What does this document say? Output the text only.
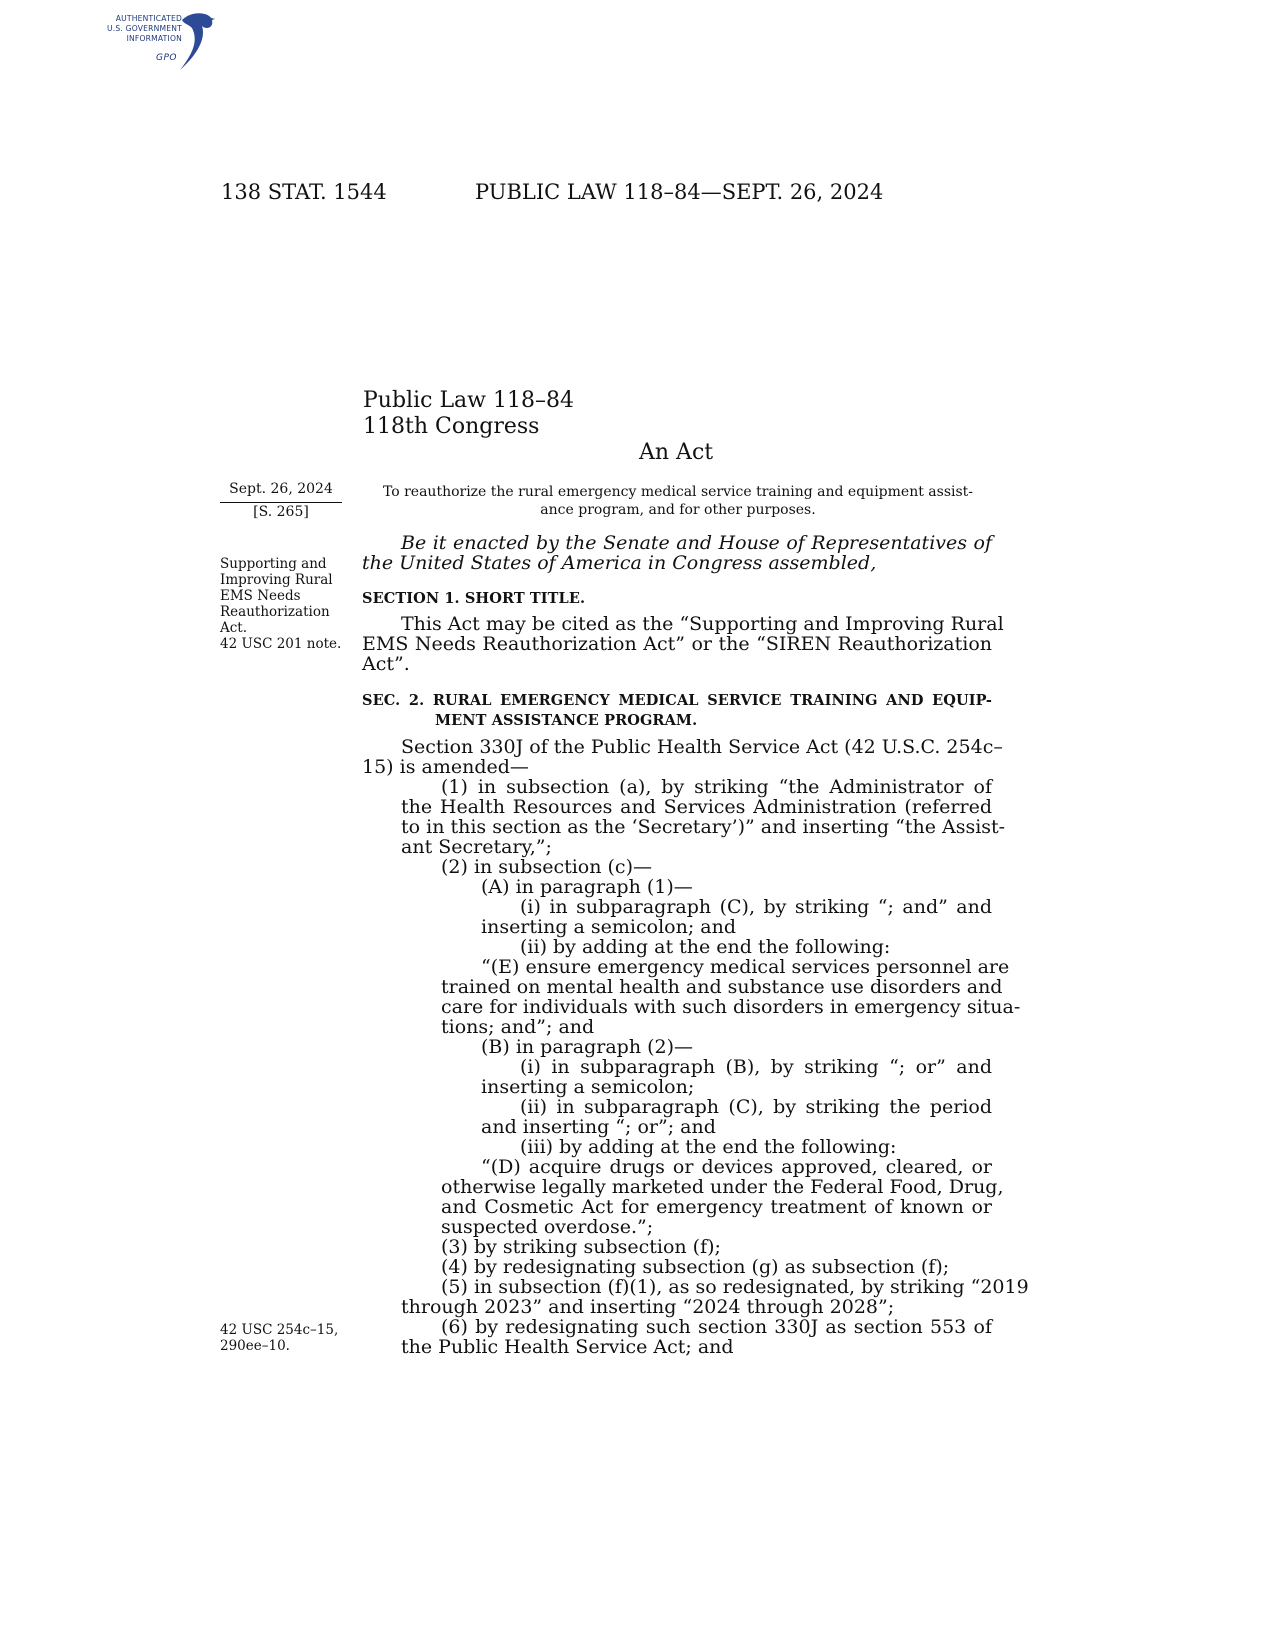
AUTHENTICATED
U.S. GOVERNMENT
INFORMATION
GPO
138 STAT. 1544	PUBLIC LAW 118–84—SEPT. 26, 2024
Public Law 118–84
118th Congress
An Act
Sept. 26, 2024
[S. 265]
Supporting and
Improving Rural
EMS Needs
Reauthorization
Act.
42 USC 201 note.
42 USC 254c–15,
290ee–10.
To reauthorize the rural emergency medical service training and equipment assist-
ance program, and for other purposes.
Be it enacted by the Senate and House of Representatives of
the United States of America in Congress assembled,
SECTION 1. SHORT TITLE.
This Act may be cited as the “Supporting and Improving Rural
EMS Needs Reauthorization Act” or the “SIREN Reauthorization
Act”.
SEC. 2. RURAL EMERGENCY MEDICAL SERVICE TRAINING AND EQUIP-
MENT ASSISTANCE PROGRAM.
Section 330J of the Public Health Service Act (42 U.S.C. 254c–
15) is amended—
(1) in subsection (a), by striking “the Administrator of
the Health Resources and Services Administration (referred
to in this section as the ‘Secretary’)” and inserting “the Assist-
ant Secretary,”;
(2) in subsection (c)—
(A) in paragraph (1)—
(i) in subparagraph (C), by striking “; and” and
inserting a semicolon; and
(ii) by adding at the end the following:
“(E) ensure emergency medical services personnel are
trained on mental health and substance use disorders and
care for individuals with such disorders in emergency situa-
tions; and”; and
(B) in paragraph (2)—
(i) in subparagraph (B), by striking “; or” and
inserting a semicolon;
(ii) in subparagraph (C), by striking the period
and inserting “; or”; and
(iii) by adding at the end the following:
“(D) acquire drugs or devices approved, cleared, or
otherwise legally marketed under the Federal Food, Drug,
and Cosmetic Act for emergency treatment of known or
suspected overdose.”;
(3) by striking subsection (f);
(4) by redesignating subsection (g) as subsection (f);
(5) in subsection (f)(1), as so redesignated, by striking “2019
through 2023” and inserting “2024 through 2028”;
(6) by redesignating such section 330J as section 553 of
the Public Health Service Act; and
